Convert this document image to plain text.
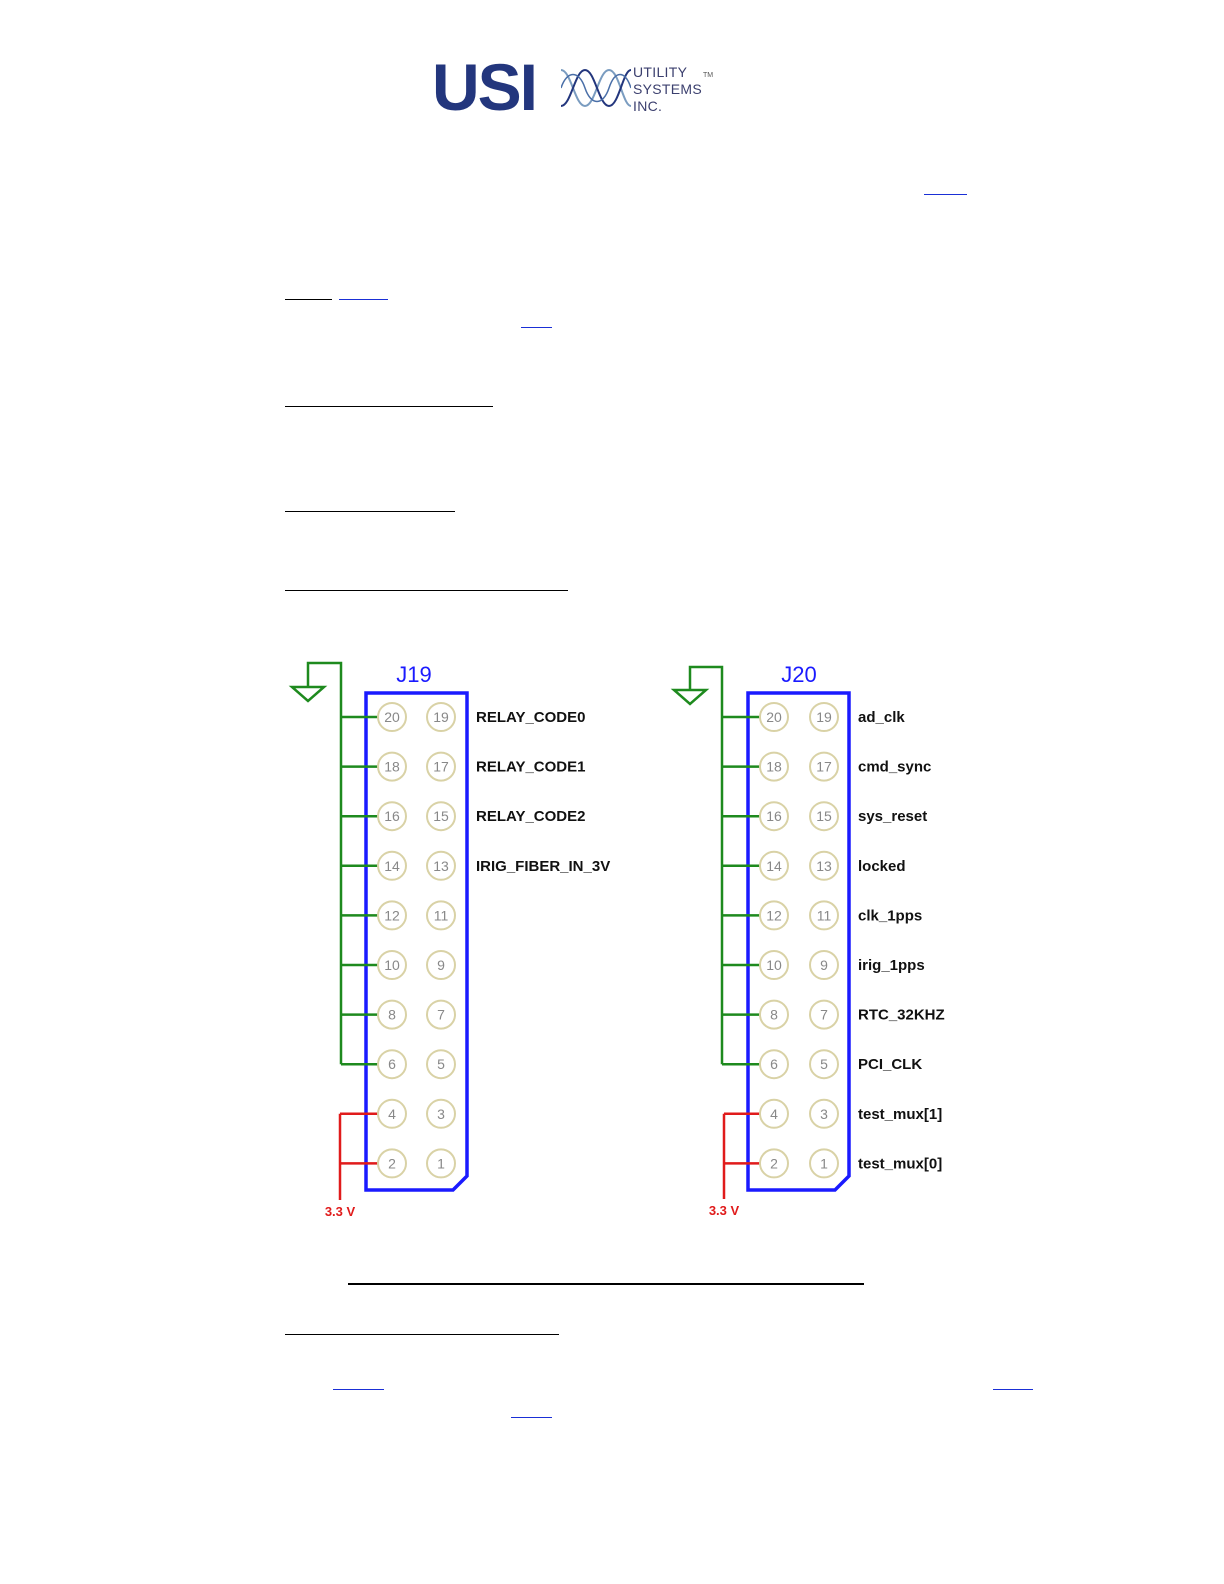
USI	UTILITY
SYSTEMS
INC.
TM
J19
3.3 V
20 19 RELAY_CODE0
18 17 RELAY_CODE1
16 15 RELAY_CODE2
14 13 IRIG_FIBER_IN_3V
12 11
10	9
8	7
6	5
4	3
2	1
J20
3.3 V
20 19 ad_clk
18 17 cmd_sync
16 15 sys_reset
14 13 locked
12 11 clk_1pps
10	9 irig_1pps
8	7 RTC_32KHZ
6	5 PCI_CLK
4	3 test_mux[1]
2	1 test_mux[0]
